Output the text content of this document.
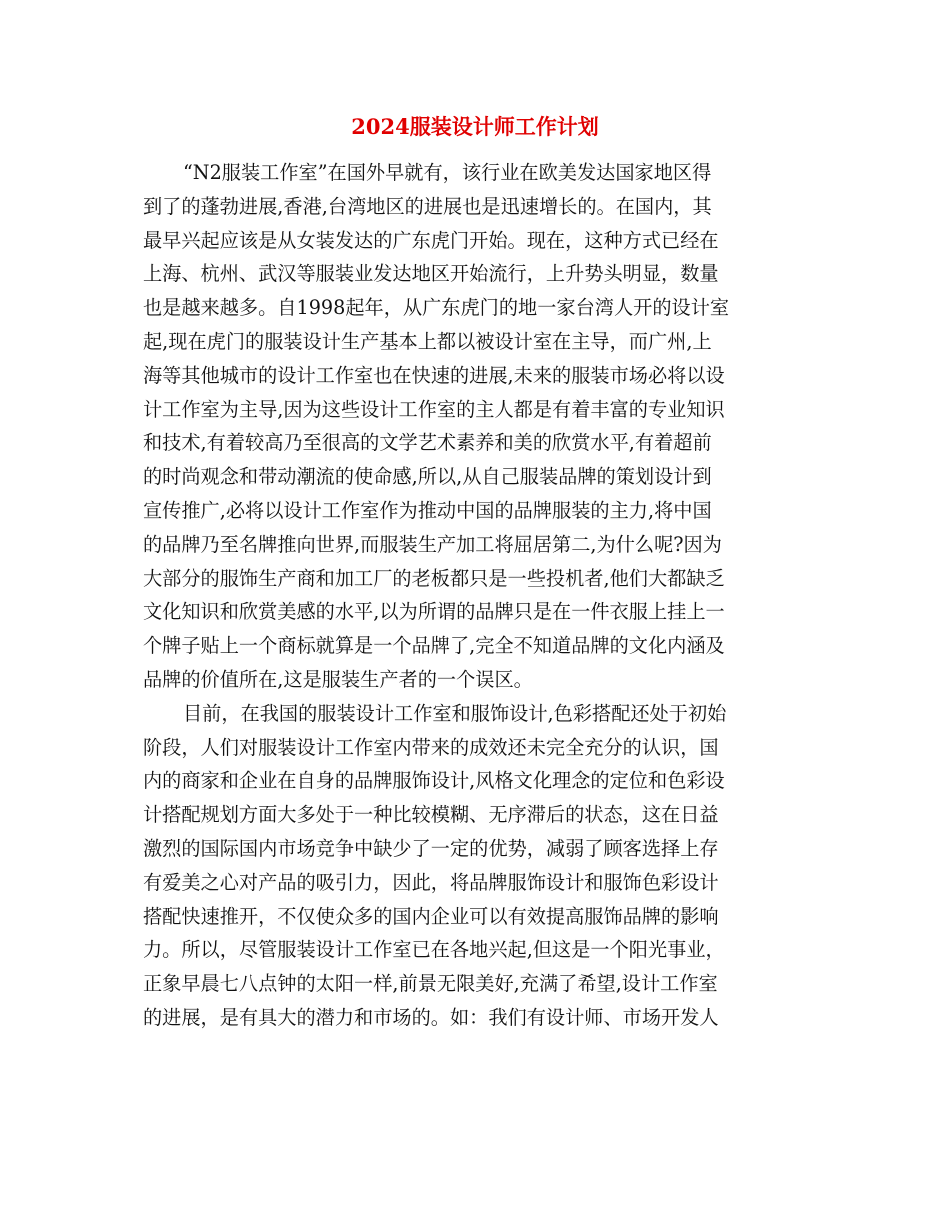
2024服装设计师工作计划
“N2服装工作室”在国外早就有，该行业在欧美发达国家地区得
到了的蓬勃进展,香港,台湾地区的进展也是迅速增长的。在国内，其
最早兴起应该是从女装发达的广东虎门开始。现在，这种方式已经在
上海、杭州、武汉等服装业发达地区开始流行，上升势头明显，数量
也是越来越多。自1998起年，从广东虎门的地一家台湾人开的设计室
起,现在虎门的服装设计生产基本上都以被设计室在主导，而广州,上
海等其他城市的设计工作室也在快速的进展,未来的服装市场必将以设
计工作室为主导,因为这些设计工作室的主人都是有着丰富的专业知识
和技术,有着较高乃至很高的文学艺术素养和美的欣赏水平,有着超前
的时尚观念和带动潮流的使命感,所以,从自己服装品牌的策划设计到
宣传推广,必将以设计工作室作为推动中国的品牌服装的主力,将中国
的品牌乃至名牌推向世界,而服装生产加工将屈居第二,为什么呢?因为
大部分的服饰生产商和加工厂的老板都只是一些投机者,他们大都缺乏
文化知识和欣赏美感的水平,以为所谓的品牌只是在一件衣服上挂上一
个牌子贴上一个商标就算是一个品牌了,完全不知道品牌的文化内涵及
品牌的价值所在,这是服装生产者的一个误区。
目前，在我国的服装设计工作室和服饰设计,色彩搭配还处于初始
阶段，人们对服装设计工作室内带来的成效还未完全充分的认识，国
内的商家和企业在自身的品牌服饰设计,风格文化理念的定位和色彩设
计搭配规划方面大多处于一种比较模糊、无序滞后的状态，这在日益
激烈的国际国内市场竞争中缺少了一定的优势，减弱了顾客选择上存
有爱美之心对产品的吸引力，因此，将品牌服饰设计和服饰色彩设计
搭配快速推开，不仅使众多的国内企业可以有效提高服饰品牌的影响
力。所以，尽管服装设计工作室已在各地兴起,但这是一个阳光事业，
正象早晨七八点钟的太阳一样,前景无限美好,充满了希望,设计工作室
的进展，是有具大的潜力和市场的。如：我们有设计师、市场开发人
